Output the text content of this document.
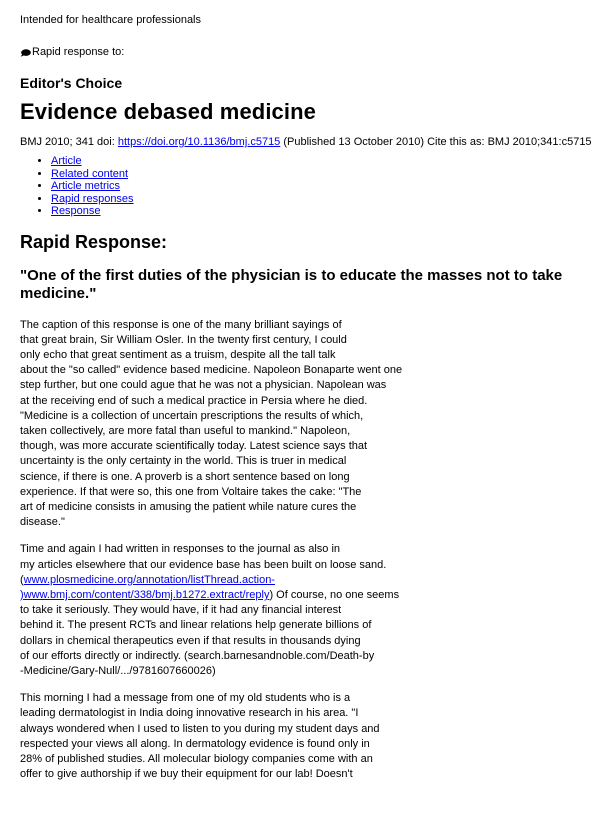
Intended for healthcare professionals
Rapid response to:
Editor's Choice
Evidence debased medicine
BMJ 2010; 341 doi: https://doi.org/10.1136/bmj.c5715 (Published 13 October 2010) Cite this as: BMJ 2010;341:c5715
• Article
• Related content
• Article metrics
• Rapid responses
• Response
Rapid Response:
"One of the first duties of the physician is to educate the masses not to take medicine."
The caption of this response is one of the many brilliant sayings of
that great brain, Sir William Osler. In the twenty first century, I could
only echo that great sentiment as a truism, despite all the tall talk
about the "so called" evidence based medicine. Napoleon Bonaparte went one
step further, but one could ague that he was not a physician. Napolean was
at the receiving end of such a medical practice in Persia where he died.
"Medicine is a collection of uncertain prescriptions the results of which,
taken collectively, are more fatal than useful to mankind." Napoleon,
though, was more accurate scientifically today. Latest science says that
uncertainty is the only certainty in the world. This is truer in medical
science, if there is one. A proverb is a short sentence based on long
experience. If that were so, this one from Voltaire takes the cake: "The
art of medicine consists in amusing the patient while nature cures the
disease."
Time and again I had written in responses to the journal as also in
my articles elsewhere that our evidence base has been built on loose sand.
(www.plosmedicine.org/annotation/listThread.action-
)www.bmj.com/content/338/bmj.b1272.extract/reply) Of course, no one seems
to take it seriously. They would have, if it had any financial interest
behind it. The present RCTs and linear relations help generate billions of
dollars in chemical therapeutics even if that results in thousands dying
of our efforts directly or indirectly. (search.barnesandnoble.com/Death-by
-Medicine/Gary-Null/.../9781607660026)
This morning I had a message from one of my old students who is a
leading dermatologist in India doing innovative research in his area. "I
always wondered when I used to listen to you during my student days and
respected your views all along. In dermatology evidence is found only in
28% of published studies. All molecular biology companies come with an
offer to give authorship if we buy their equipment for our lab! Doesn't
